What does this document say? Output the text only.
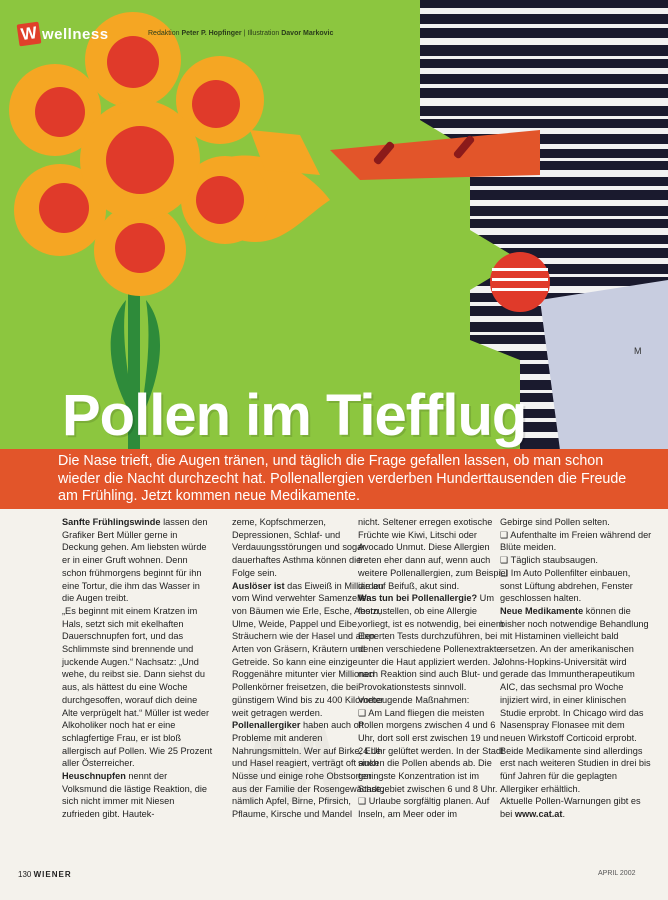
M
W wellness	Redaktion Peter P. Hopfinger | Illustration Davor Markovic
Pollen im Tiefflug
Die Nase trieft, die Augen tränen, und täglich die Frage gefallen lassen, ob man schon wieder die Nacht durchzecht hat. Pollenallergien verderben Hunderttausenden die Freude am Frühling. Jetzt kommen neue Medikamente.

Sanfte Frühlingswinde lassen den Grafiker Bert Müller gerne in Deckung gehen. Am liebsten würde er in einer Gruft wohnen. Denn schon frühmorgens beginnt für ihn eine Tortur, die ihm das Wasser in die Augen treibt.

„Es beginnt mit einem Kratzen im Hals, setzt sich mit ekelhaften Dauerschnupfen fort, und das Schlimmste sind brennende und juckende Augen.“ Nachsatz: „Und wehe, du reibst sie. Dann siehst du aus, als hättest du eine Woche durchgesoffen, worauf dich deine Alte verprügelt hat.“ Müller ist weder Alkoholiker noch hat er eine schlagfertige Frau, er ist bloß allergisch auf Pollen. Wie 25 Prozent aller Österreicher.

Heuschnupfen nennt der Volksmund die lästige Reaktion, die sich nicht immer mit Niesen zufrieden gibt. Hautek-

zeme, Kopfschmerzen, Depressionen, Schlaf- und Verdauungsstörungen und sogar dauerhaftes Asthma können die Folge sein.

Auslöser ist das Eiweiß in Milliarden vom Wind verwehter Samenzellen von Bäumen wie Erle, Esche, Ahorn, Ulme, Weide, Pappel und Eibe, Sträuchern wie der Hasel und allen Arten von Gräsern, Kräutern und Getreide. So kann eine einzige Roggenähre mitunter vier Millionen Pollenkörner freisetzen, die bei günstigem Wind bis zu 400 Kilometer weit getragen werden.

Pollenallergiker haben auch oft Probleme mit anderen Nahrungsmitteln. Wer auf Birke, Erle und Hasel reagiert, verträgt oft auch Nüsse und einige rohe Obstsorten aus der Familie der Rosengewächse, nämlich Apfel, Birne, Pfirsich, Pflaume, Kirsche und Mandel

nicht. Seltener erregen exotische Früchte wie Kiwi, Litschi oder Avocado Unmut. Diese Allergien treten eher dann auf, wenn auch weitere Pollenallergien, zum Beispiel die auf Beifuß, akut sind.

Was tun bei Pollenallergie? Um festzustellen, ob eine Allergie vorliegt, ist es notwendig, bei einem Experten Tests durchzuführen, bei denen verschiedene Pollenextrakte unter die Haut appliziert werden. Je nach Reaktion sind auch Blut- und Provokationstests sinnvoll. Vorbeugende Maßnahmen:

❑ Am Land fliegen die meisten Pollen morgens zwischen 4 und 6 Uhr, dort soll erst zwischen 19 und 24 Uhr gelüftet werden. In der Stadt sinken die Pollen abends ab. Die geringste Konzentration ist im Stadtgebiet zwischen 6 und 8 Uhr.

❑ Urlaube sorgfältig planen. Auf Inseln, am Meer oder im

Gebirge sind Pollen selten.

❑ Aufenthalte im Freien während der Blüte meiden.

❑ Täglich staubsaugen.

❑ Im Auto Pollenfilter einbauen, sonst Lüftung abdrehen, Fenster geschlossen halten.

Neue Medikamente können die bisher noch notwendige Behandlung mit Histaminen vielleicht bald ersetzen. An der amerikanischen Johns-Hopkins-Universität wird gerade das Immuntherapeutikum AIC, das sechsmal pro Woche injiziert wird, in einer klinischen Studie erprobt. In Chicago wird das Nasenspray Flonasee mit dem neuen Wirkstoff Corticoid erprobt.

Beide Medikamente sind allerdings erst nach weiteren Studien in drei bis fünf Jahren für die geplagten Allergiker erhältlich.

Aktuelle Pollen-Warnungen gibt es bei www.cat.at.

130 WIENER	APRIL 2002
